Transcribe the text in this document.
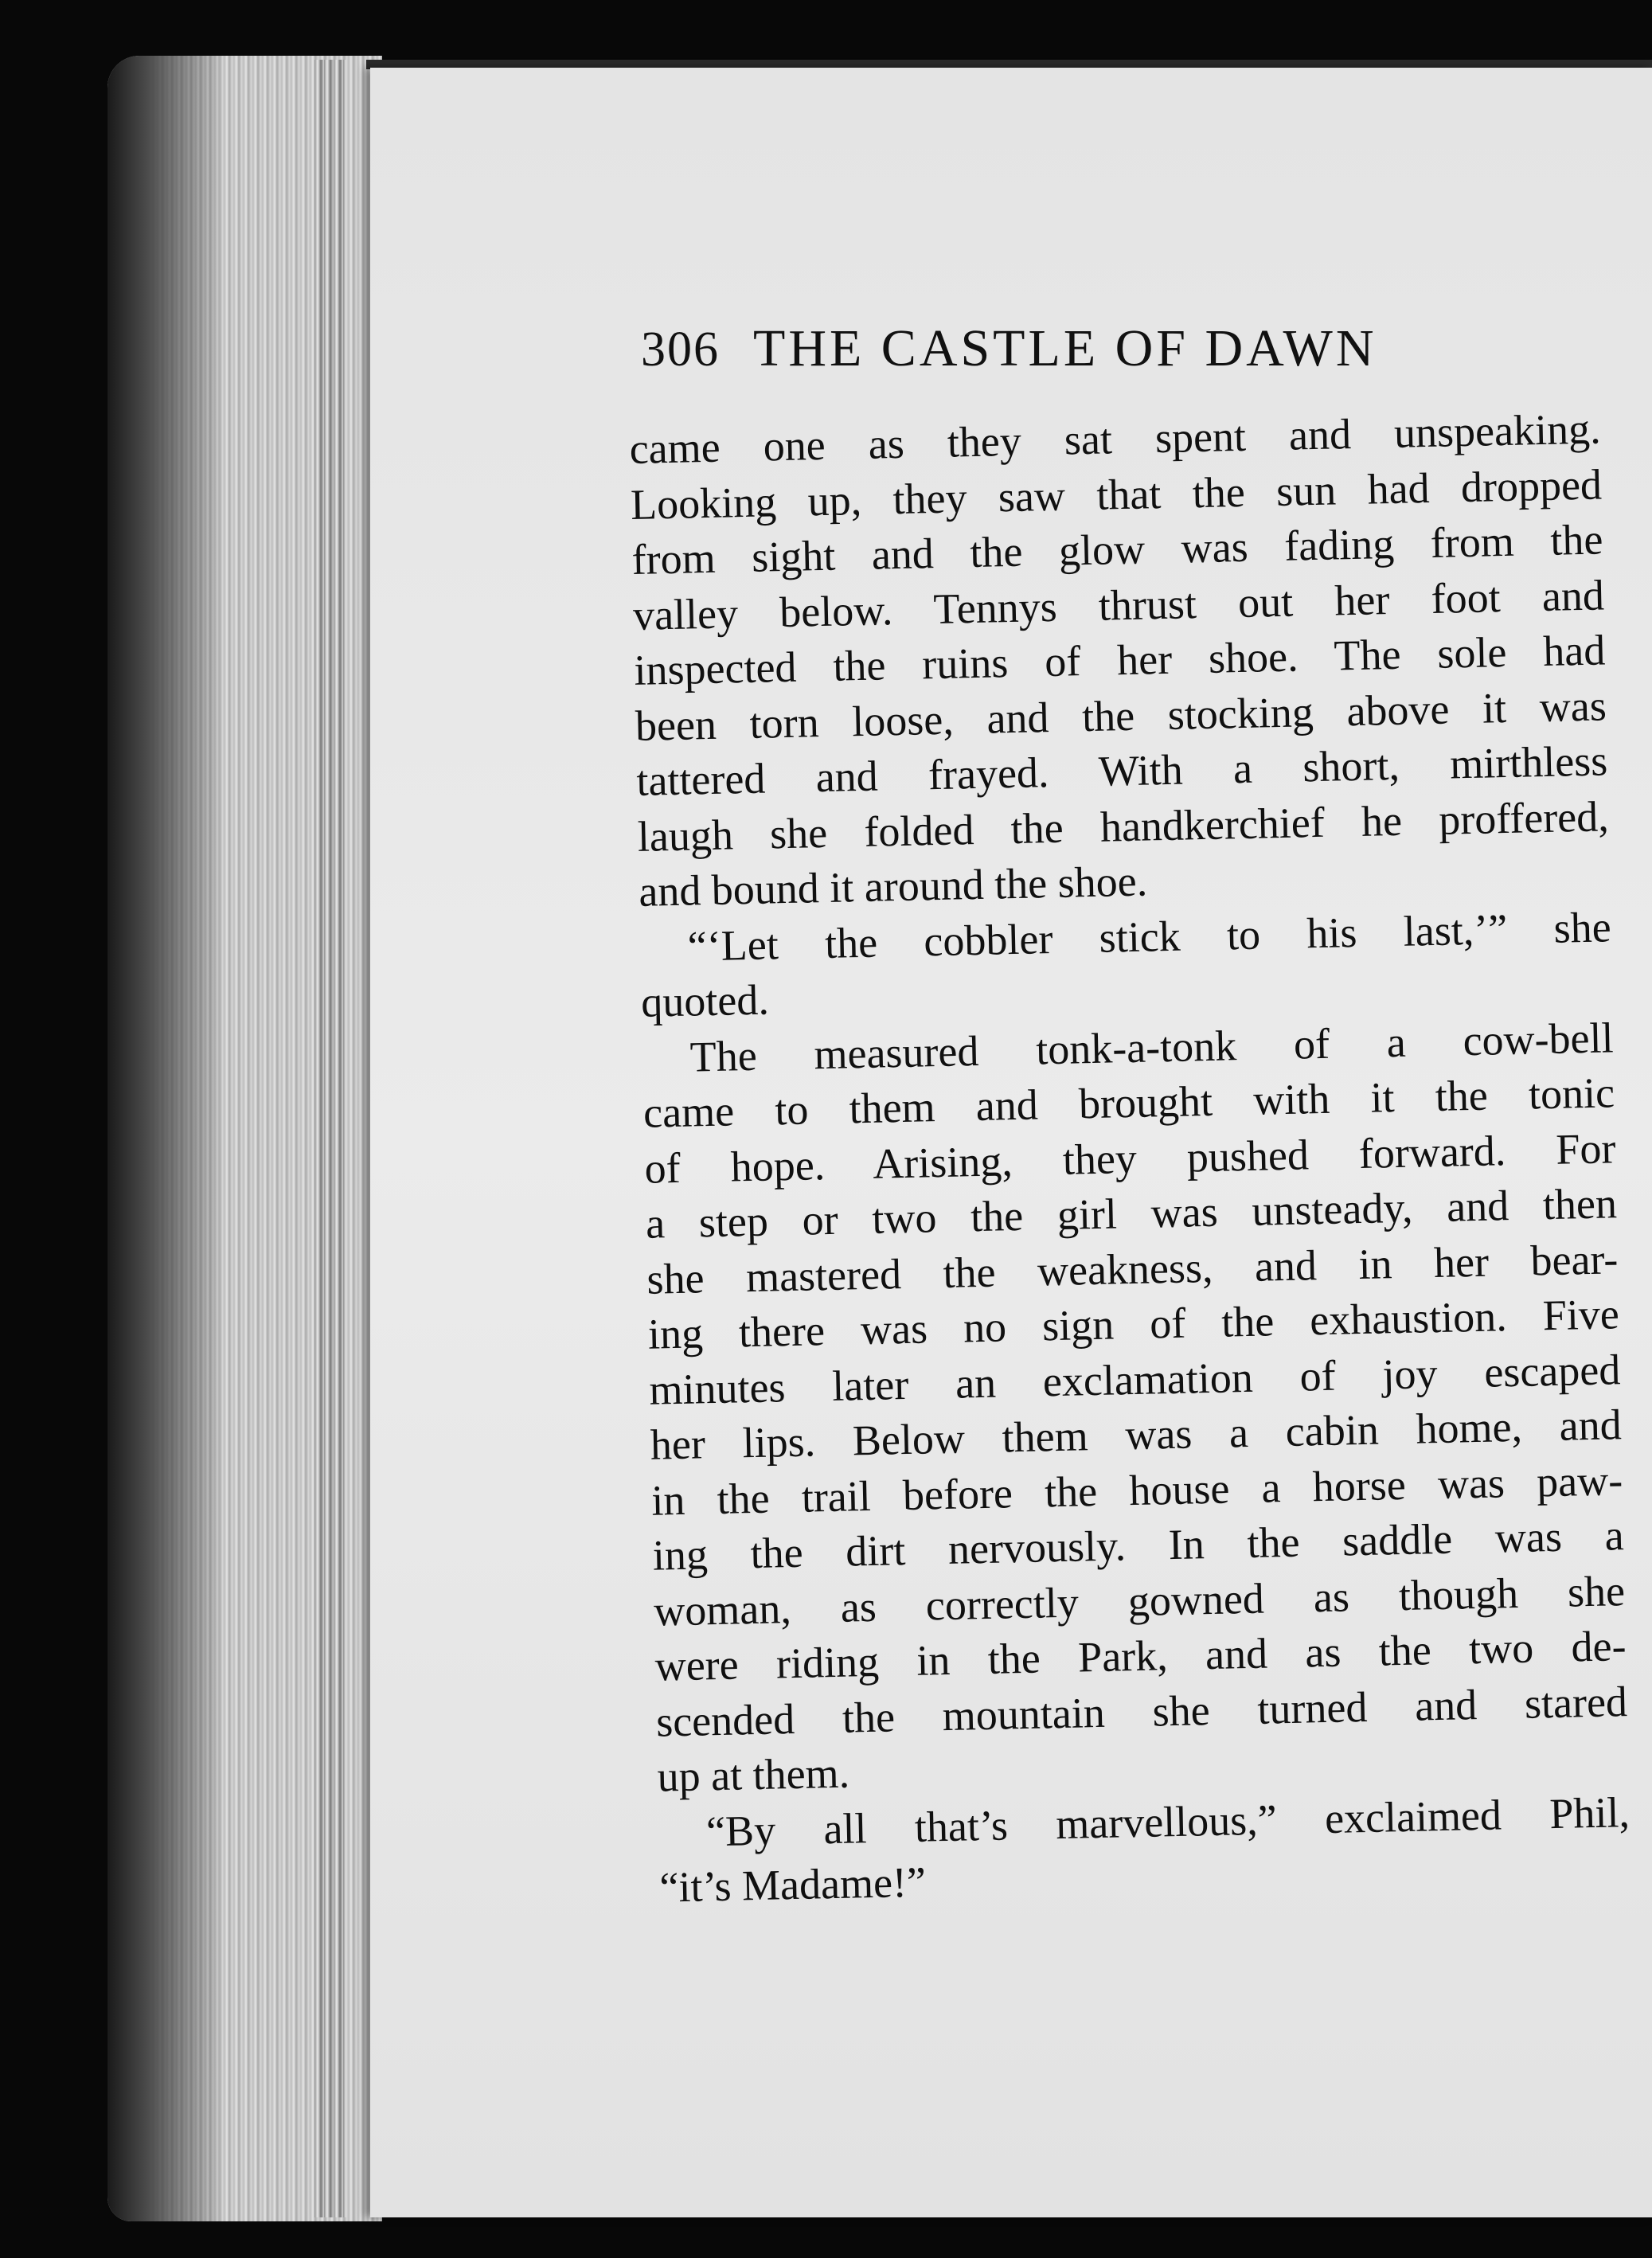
306 THE CASTLE OF DAWN
came one as they sat spent and unspeaking.
Looking up, they saw that the sun had dropped
from sight and the glow was fading from the
valley below. Tennys thrust out her foot and
inspected the ruins of her shoe. The sole had
been torn loose, and the stocking above it was
tattered and frayed. With a short, mirthless
laugh she folded the handkerchief he proffered,
and bound it around the shoe.
“‘Let the cobbler stick to his last,’” she
quoted.
The measured tonk-a-tonk of a cow-bell
came to them and brought with it the tonic
of hope. Arising, they pushed forward. For
a step or two the girl was unsteady, and then
she mastered the weakness, and in her bear-
ing there was no sign of the exhaustion. Five
minutes later an exclamation of joy escaped
her lips. Below them was a cabin home, and
in the trail before the house a horse was paw-
ing the dirt nervously. In the saddle was a
woman, as correctly gowned as though she
were riding in the Park, and as the two de-
scended the mountain she turned and stared
up at them.
“By all that’s marvellous,” exclaimed Phil,
“it’s Madame!”
